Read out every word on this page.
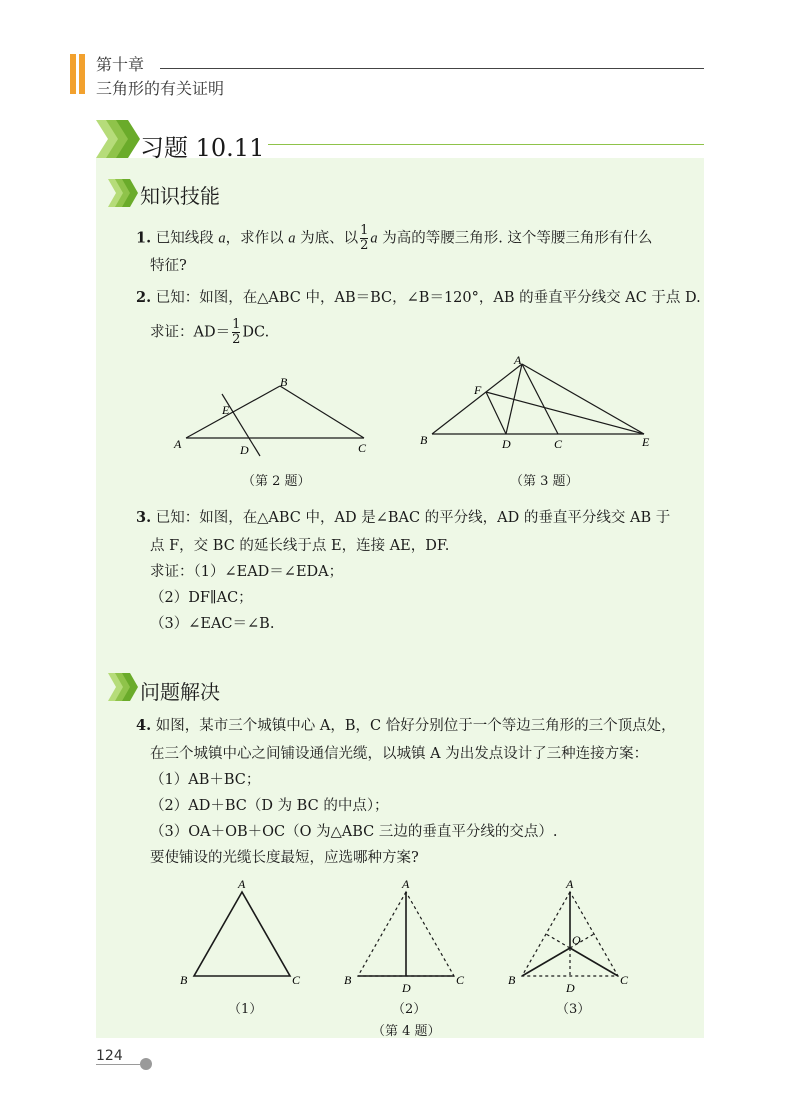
第十章
三角形的有关证明
习题 10.11
知识技能
1. 已知线段 a，求作以 a 为底、以 $\frac{1}{2}$ a 为高的等腰三角形. 这个等腰三角形有什么
特征?
2. 已知：如图，在△ABC 中，AB＝BC，∠B＝120°，AB 的垂直平分线交 AC 于点 D.
求证：$AD= \frac{1}{2}$ DC.
A
B
C
D
E
（第 2 题）
A
B	C
D	E
F
（第 3 题）
3. 已知：如图，在△ABC 中，AD 是∠BAC 的平分线，AD 的垂直平分线交 AB 于
点 F，交 BC 的延长线于点 E，连接 AE，DF.
求证：（1）∠EAD＝∠EDA；
（2）DF∥AC；
（3）∠EAC＝∠B.
问题解决
4. 如图，某市三个城镇中心 A，B，C 恰好分别位于一个等边三角形的三个顶点处，
在三个城镇中心之间铺设通信光缆，以城镇 A 为出发点设计了三种连接方案：
（1）AB＋BC；
（2）AD＋BC（D 为 BC 的中点）；
（3）OA＋OB＋OC（O 为△ABC 三边的垂直平分线的交点）.
要使铺设的光缆长度最短，应选哪种方案?
A
B	C
（1）
A
B	C
D
（2）
A
B	C
D
O
（3）
（第 4 题）
124
